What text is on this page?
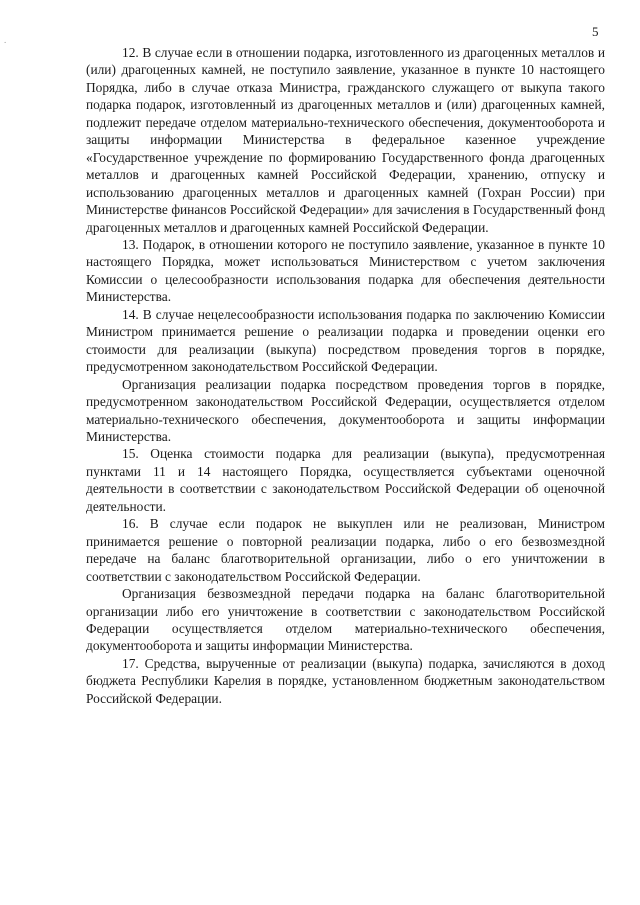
.
5

12. В случае если в отношении подарка, изготовленного из драгоценных металлов и (или) драгоценных камней, не поступило заявление, указанное в пункте 10 настоящего Порядка, либо в случае отказа Министра, гражданского служащего от выкупа такого подарка подарок, изготовленный из драгоценных металлов и (или) драгоценных камней, подлежит передаче отделом материально-технического обеспечения, документооборота и защиты информации Министерства в федеральное казенное учреждение «Государственное учреждение по формированию Государственного фонда драгоценных металлов и драгоценных камней Российской Федерации, хранению, отпуску и использованию драгоценных металлов и драгоценных камней (Гохран России) при Министерстве финансов Российской Федерации» для зачисления в Государственный фонд драгоценных металлов и драгоценных камней Российской Федерации.

13. Подарок, в отношении которого не поступило заявление, указанное в пункте 10 настоящего Порядка, может использоваться Министерством с учетом заключения Комиссии о целесообразности использования подарка для обеспечения деятельности Министерства.

14. В случае нецелесообразности использования подарка по заключению Комиссии Министром принимается решение о реализации подарка и проведении оценки его стоимости для реализации (выкупа) посредством проведения торгов в порядке, предусмотренном законодательством Российской Федерации.

Организация реализации подарка посредством проведения торгов в порядке, предусмотренном законодательством Российской Федерации, осуществляется отделом материально-технического обеспечения, документооборота и защиты информации Министерства.

15. Оценка стоимости подарка для реализации (выкупа), предусмотренная пунктами 11 и 14 настоящего Порядка, осуществляется субъектами оценочной деятельности в соответствии с законодательством Российской Федерации об оценочной деятельности.

16. В случае если подарок не выкуплен или не реализован, Министром принимается решение о повторной реализации подарка, либо о его безвозмездной передаче на баланс благотворительной организации, либо о его уничтожении в соответствии с законодательством Российской Федерации.

Организация безвозмездной передачи подарка на баланс благотворительной организации либо его уничтожение в соответствии с законодательством Российской Федерации осуществляется отделом материально-технического обеспечения, документооборота и защиты информации Министерства.

17. Средства, вырученные от реализации (выкупа) подарка, зачисляются в доход бюджета Республики Карелия в порядке, установленном бюджетным законодательством Российской Федерации.
